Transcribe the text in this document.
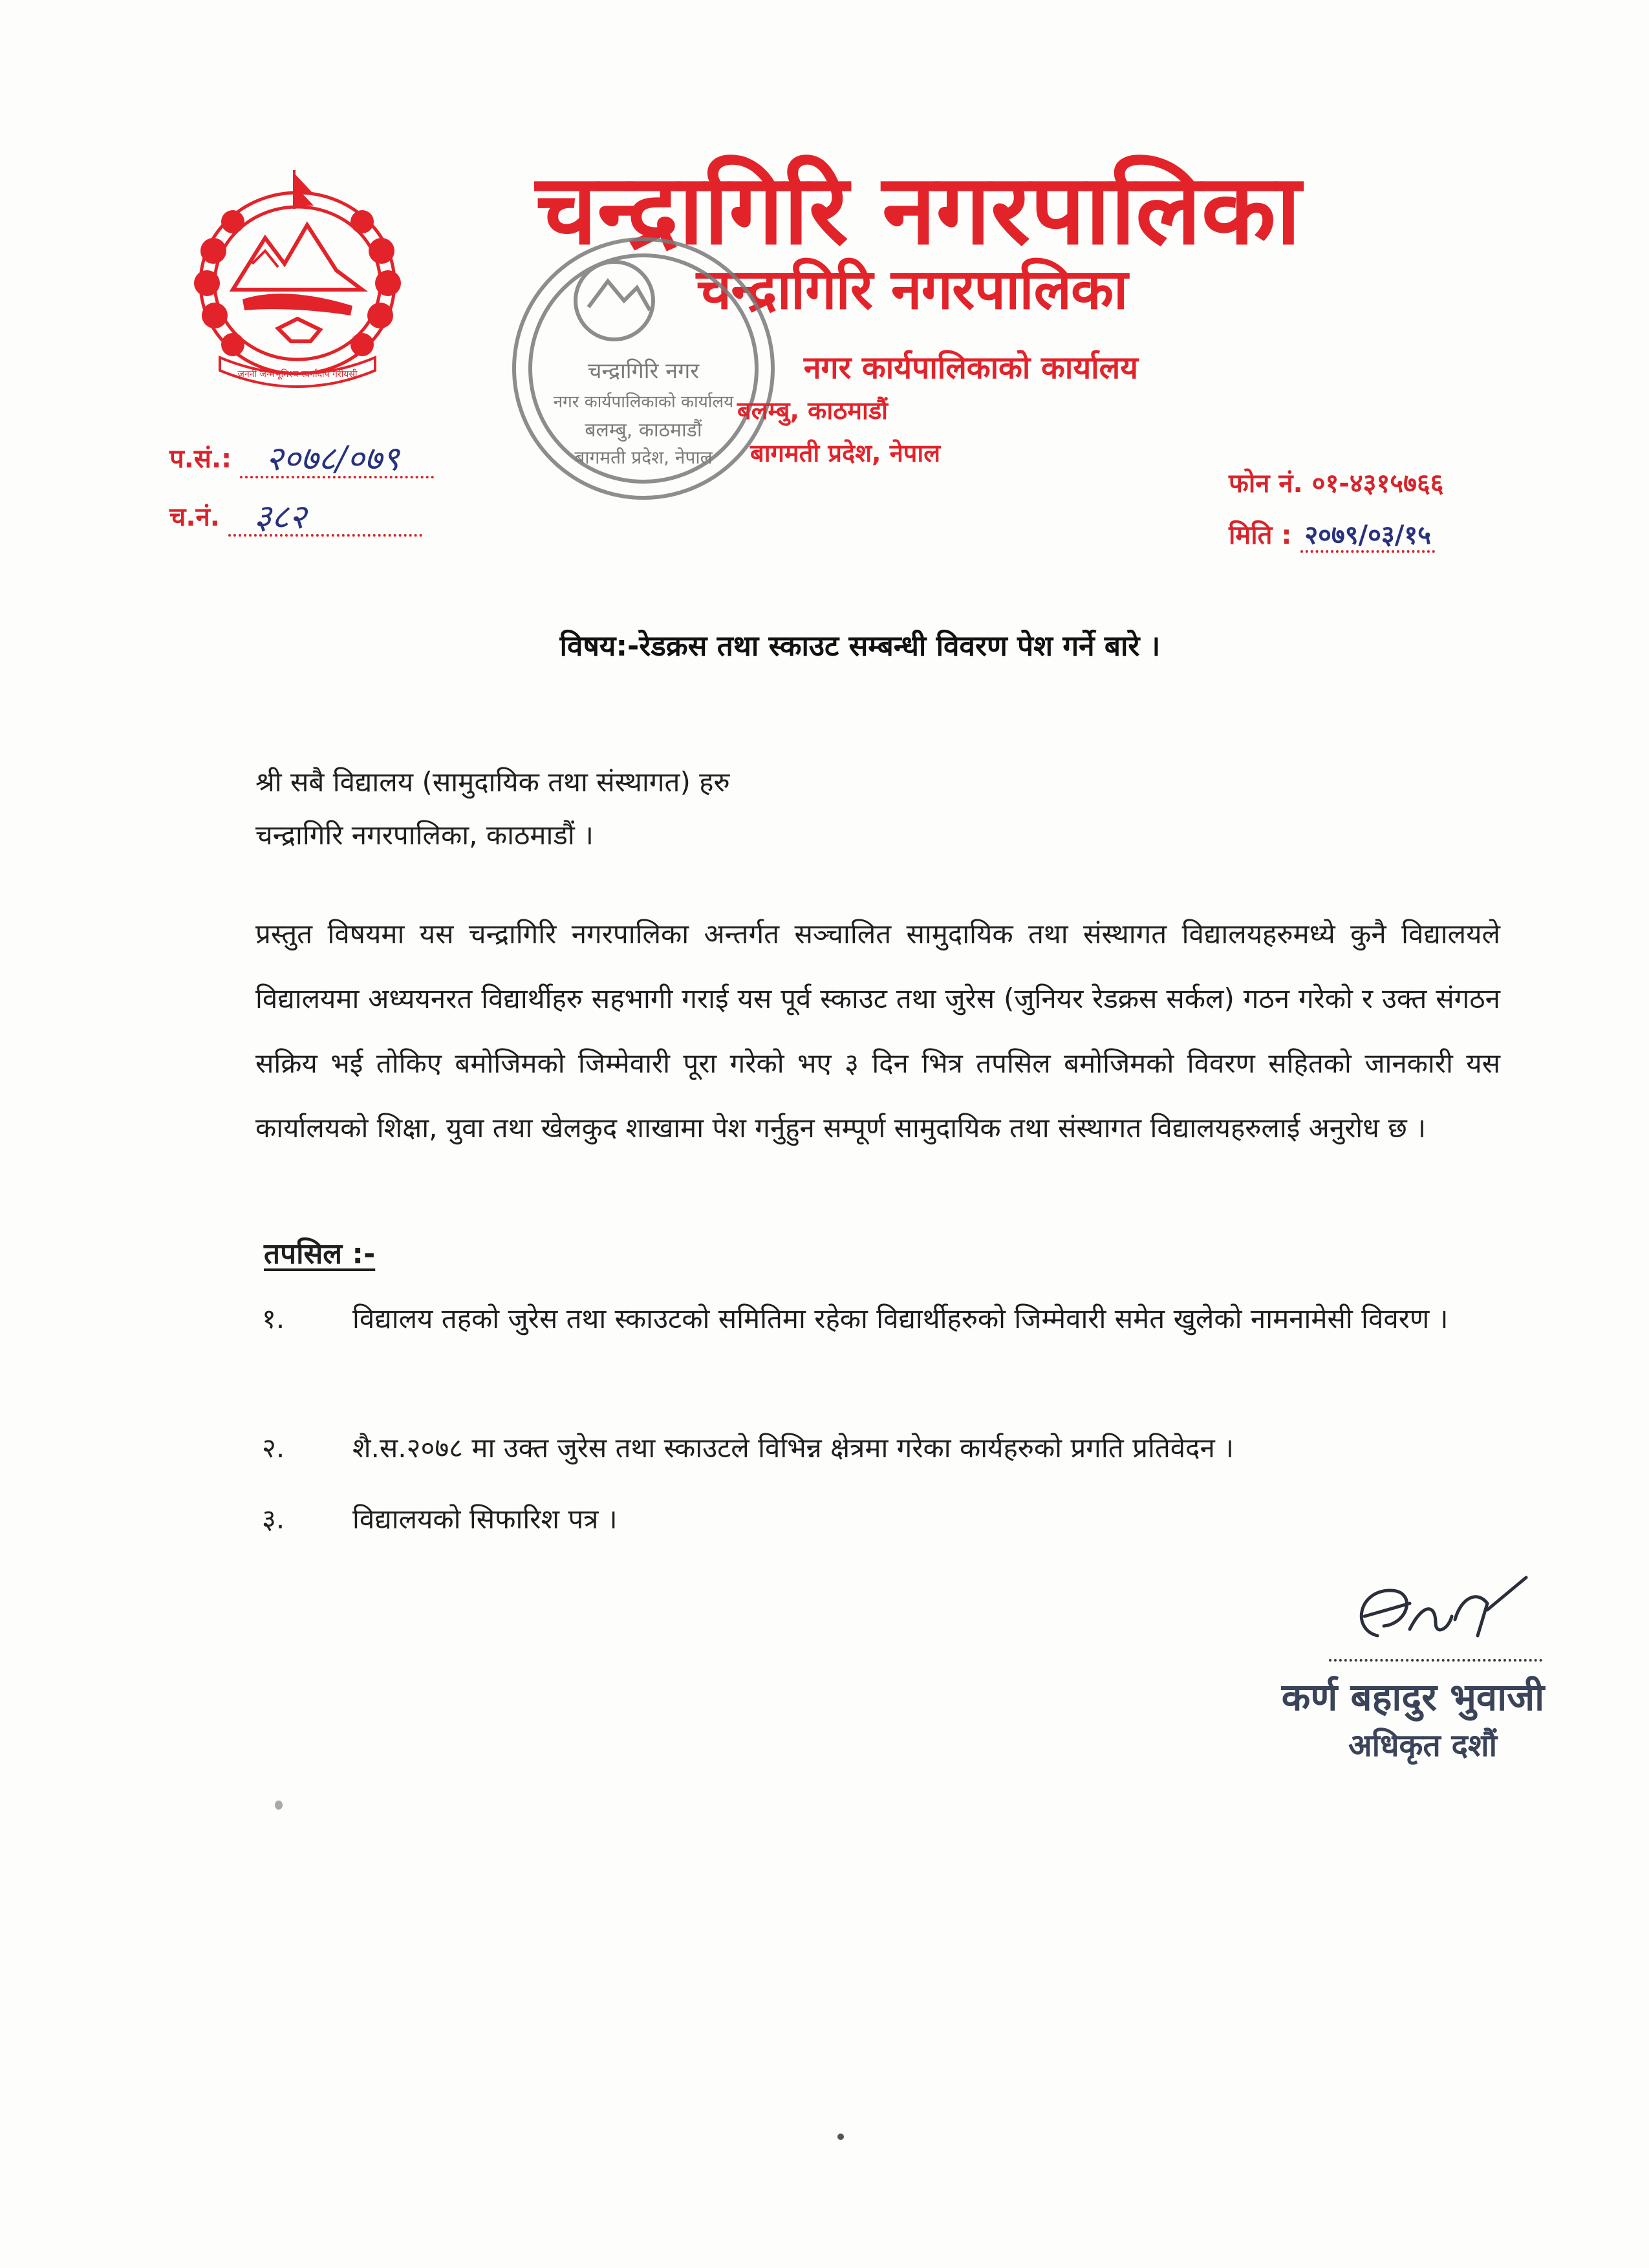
जननी जन्मभूमिश्च स्वर्गादपि गरीयसी
चन्द्रागिरि नगरपालिका
चन्द्रागिरि नगरपालिका
चन्द्रागिरि नगर
नगर कार्यपालिकाको कार्यालय
बलम्बु, काठमाडौं
बागमती प्रदेश, नेपाल
नगर कार्यपालिकाको कार्यालय
बलम्बु, काठमाडौं
बागमती प्रदेश, नेपाल
प.सं.: २०७८/०७९
च.नं. ३८२
फोन नं. ०१-४३१५७६६
मिति : २०७९/०३/१५
विषय:-रेडक्रस तथा स्काउट सम्बन्धी विवरण पेश गर्ने बारे ।
श्री सबै विद्यालय (सामुदायिक तथा संस्थागत) हरु
चन्द्रागिरि नगरपालिका, काठमाडौं ।
प्रस्तुत विषयमा यस चन्द्रागिरि नगरपालिका अन्तर्गत सञ्चालित सामुदायिक तथा संस्थागत विद्यालयहरुमध्ये कुनै विद्यालयले विद्यालयमा अध्ययनरत विद्यार्थीहरु सहभागी गराई यस पूर्व स्काउट तथा जुरेस (जुनियर रेडक्रस सर्कल) गठन गरेको र उक्त संगठन सक्रिय भई तोकिए बमोजिमको जिम्मेवारी पूरा गरेको भए ३ दिन भित्र तपसिल बमोजिमको विवरण सहितको जानकारी यस कार्यालयको शिक्षा, युवा तथा खेलकुद शाखामा पेश गर्नुहुन सम्पूर्ण सामुदायिक तथा संस्थागत विद्यालयहरुलाई अनुरोध छ ।
तपसिल :-
१.	विद्यालय तहको जुरेस तथा स्काउटको समितिमा रहेका विद्यार्थीहरुको जिम्मेवारी समेत खुलेको नामनामेसी विवरण ।
२.	शै.स.२०७८ मा उक्त जुरेस तथा स्काउटले विभिन्न क्षेत्रमा गरेका कार्यहरुको प्रगति प्रतिवेदन ।
३.	विद्यालयको सिफारिश पत्र ।
कर्ण बहादुर भुवाजी
अधिकृत दशौं
